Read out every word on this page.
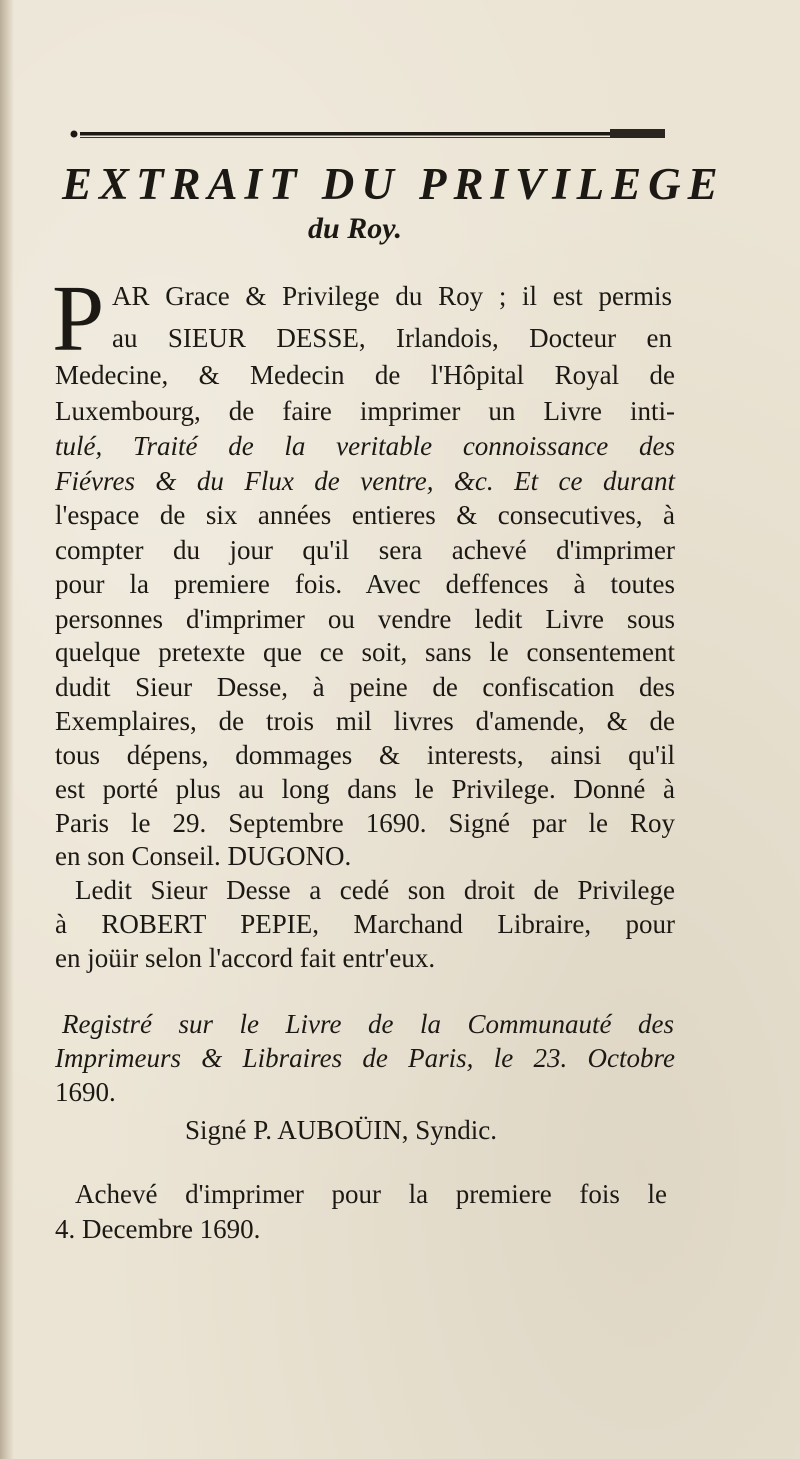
EXTRAIT DU PRIVILEGE
du Roy.
P AR Grace & Privilege du Roy ; il est permis
au SIEUR DESSE, Irlandois, Docteur en
Medecine, & Medecin de l'Hôpital Royal de
Luxembourg, de faire imprimer un Livre inti-
tulé, Traité de la veritable connoissance des
Fiévres & du Flux de ventre, &c. Et ce durant
l'espace de six années entieres & consecutives, à
compter du jour qu'il sera achevé d'imprimer
pour la premiere fois. Avec deffences à toutes
personnes d'imprimer ou vendre ledit Livre sous
quelque pretexte que ce soit, sans le consentement
dudit Sieur Desse, à peine de confiscation des
Exemplaires, de trois mil livres d'amende, & de
tous dépens, dommages & interests, ainsi qu'il
est porté plus au long dans le Privilege. Donné à
Paris le 29. Septembre 1690. Signé par le Roy
en son Conseil. DUGONO.
Ledit Sieur Desse a cedé son droit de Privilege
à ROBERT PEPIE, Marchand Libraire, pour
en joüir selon l'accord fait entr'eux.
Registré sur le Livre de la Communauté des
Imprimeurs & Libraires de Paris, le 23. Octobre
1690.
Signé P. AUBOÜIN, Syndic.
Achevé d'imprimer pour la premiere fois le
4. Decembre 1690.
